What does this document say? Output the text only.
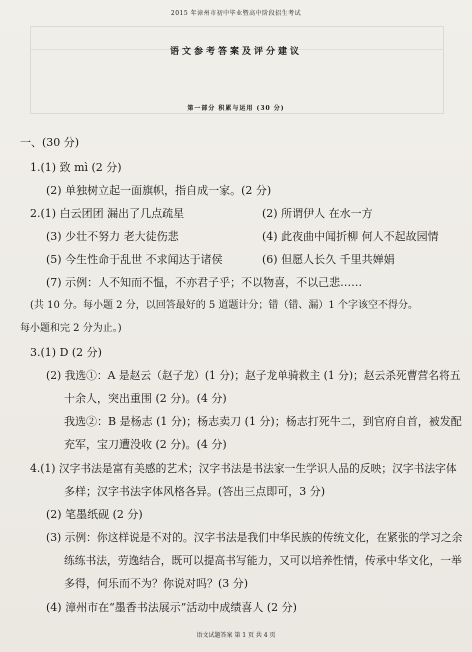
2015 年漳州市初中毕业暨高中阶段招生考试
语文参考答案及评分建议
第一部分 积累与运用 (30 分)
一、(30 分)
1.(1) 致 mì (2 分)
(2) 单独树立起一面旗帜，指自成一家。(2 分)
2.(1) 白云团团 漏出了几点疏星	(2) 所谓伊人 在水一方
(3) 少壮不努力 老大徒伤悲	(4) 此夜曲中闻折柳 何人不起故园情
(5) 今生性命于乱世 不求闻达于诸侯	(6) 但愿人长久 千里共婵娟
(7) 示例：人不知而不愠，不亦君子乎；不以物喜，不以己悲……
(共 10 分。每小题 2 分，以回答最好的 5 道题计分；错（错、漏）1 个字该空不得分。
每小题和完 2 分为止。)
3.(1) D (2 分)
(2) 我选①：A 是赵云（赵子龙）(1 分)；赵子龙单骑救主 (1 分)；赵云杀死曹营名将五
十余人，突出重围 (2 分)。(4 分)
我选②：B 是杨志 (1 分)；杨志卖刀 (1 分)；杨志打死牛二，到官府自首，被发配
充军，宝刀遭没收 (2 分)。(4 分)
4.(1) 汉字书法是富有美感的艺术；汉字书法是书法家一生学识人品的反映；汉字书法字体
多样；汉字书法字体风格各异。(答出三点即可，3 分)
(2) 笔墨纸砚 (2 分)
(3) 示例：你这样说是不对的。汉字书法是我们中华民族的传统文化，在紧张的学习之余
练练书法，劳逸结合，既可以提高书写能力，又可以培养性情，传承中华文化，一举
多得，何乐而不为？你说对吗？(3 分)
(4) 漳州市在“墨香书法展示”活动中成绩喜人 (2 分)
语文试题答案 第 1 页 共 4 页
